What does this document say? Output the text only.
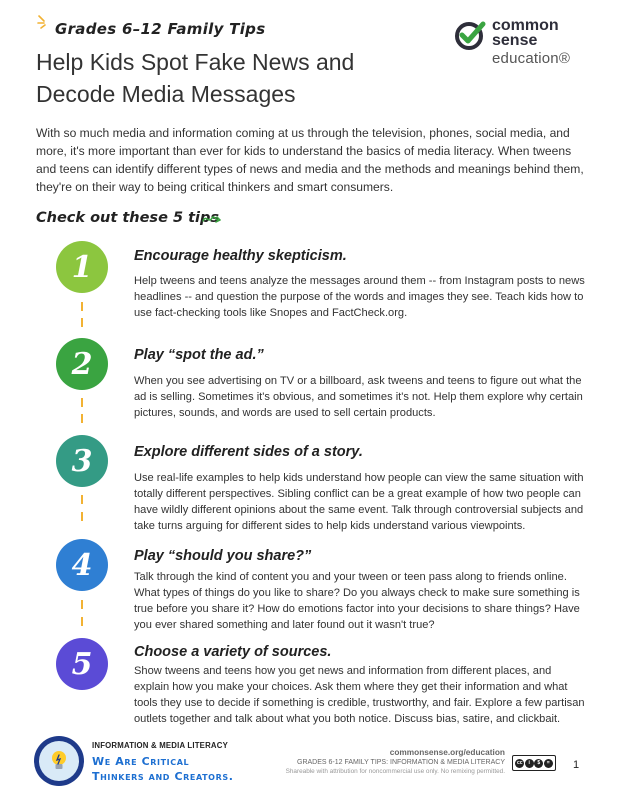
Grades 6–12 Family Tips
Help Kids Spot Fake News and
Decode Media Messages
common
sense
education®
With so much media and information coming at us through the television, phones, social media, and more, it's more important than ever for kids to understand the basics of media literacy. When tweens and teens can identify different types of news and media and the methods and meanings behind them, they're on their way to being critical thinkers and smart consumers.
Check out these 5 tips
1	Encourage healthy skepticism.
Help tweens and teens analyze the messages around them -- from Instagram posts to news headlines -- and question the purpose of the words and images they see. Teach kids how to use fact-checking tools like Snopes and FactCheck.org.
2	Play “spot the ad.”
When you see advertising on TV or a billboard, ask tweens and teens to figure out what the ad is selling. Sometimes it's obvious, and sometimes it's not. Help them explore why certain pictures, sounds, and words are used to sell certain products.
3	Explore different sides of a story.
Use real-life examples to help kids understand how people can view the same situation with totally different perspectives. Sibling conflict can be a great example of how two people can have wildly different opinions about the same event. Talk through controversial subjects and take turns arguing for different sides to help kids understand various viewpoints.
4	Play “should you share?”
Talk through the kind of content you and your tween or teen pass along to friends online. What types of things do you like to share? Do you always check to make sure something is true before you share it? How do emotions factor into your decisions to share things? Have you ever shared something and later found out it wasn't true?
5	Choose a variety of sources.
Show tweens and teens how you get news and information from different places, and explain how you make your choices. Ask them where they get their information and what tools they use to decide if something is credible, trustworthy, and fair. Explore a few partisan outlets together and talk about what you both notice. Discuss bias, satire, and clickbait.
INFORMATION & MEDIA LITERACY
We Are Critical
Thinkers and Creators.
commonsense.org/education
GRADES 6-12 FAMILY TIPS: INFORMATION & MEDIA LITERACY
Shareable with attribution for noncommercial use only. No remixing permitted.
cc	i	$	= 1
